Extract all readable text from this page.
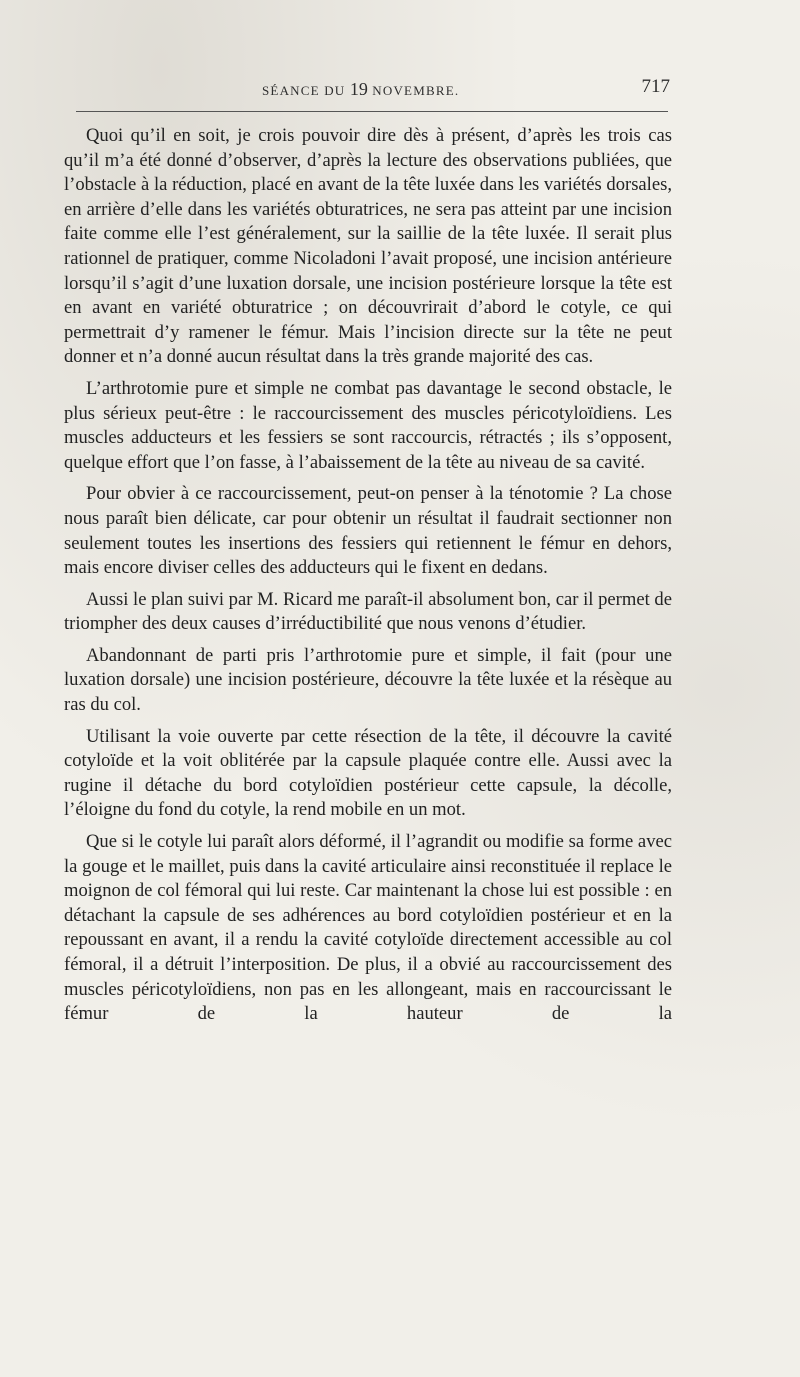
SÉANCE DU 19 NOVEMBRE.	717

Quoi qu’il en soit, je crois pouvoir dire dès à présent, d’après les trois cas qu’il m’a été donné d’observer, d’après la lecture des observations publiées, que l’obstacle à la réduction, placé en avant de la tête luxée dans les variétés dorsales, en arrière d’elle dans les variétés obturatrices, ne sera pas atteint par une incision faite comme elle l’est généralement, sur la saillie de la tête luxée. Il serait plus rationnel de pratiquer, comme Nicoladoni l’avait proposé, une incision antérieure lorsqu’il s’agit d’une luxation dorsale, une incision postérieure lorsque la tête est en avant en variété obturatrice ; on découvrirait d’abord le cotyle, ce qui permettrait d’y ramener le fémur. Mais l’incision directe sur la tête ne peut donner et n’a donné aucun résultat dans la très grande majorité des cas.

L’arthrotomie pure et simple ne combat pas davantage le second obstacle, le plus sérieux peut-être : le raccourcissement des muscles péricotyloïdiens. Les muscles adducteurs et les fessiers se sont raccourcis, rétractés ; ils s’opposent, quelque effort que l’on fasse, à l’abaissement de la tête au niveau de sa cavité.

Pour obvier à ce raccourcissement, peut-on penser à la ténotomie ? La chose nous paraît bien délicate, car pour obtenir un résultat il faudrait sectionner non seulement toutes les insertions des fessiers qui retiennent le fémur en dehors, mais encore diviser celles des adducteurs qui le fixent en dedans.

Aussi le plan suivi par M. Ricard me paraît-il absolument bon, car il permet de triompher des deux causes d’irréductibilité que nous venons d’étudier.

Abandonnant de parti pris l’arthrotomie pure et simple, il fait (pour une luxation dorsale) une incision postérieure, découvre la tête luxée et la résèque au ras du col.

Utilisant la voie ouverte par cette résection de la tête, il découvre la cavité cotyloïde et la voit oblitérée par la capsule plaquée contre elle. Aussi avec la rugine il détache du bord cotyloïdien postérieur cette capsule, la décolle, l’éloigne du fond du cotyle, la rend mobile en un mot.

Que si le cotyle lui paraît alors déformé, il l’agrandit ou modifie sa forme avec la gouge et le maillet, puis dans la cavité articulaire ainsi reconstituée il replace le moignon de col fémoral qui lui reste. Car maintenant la chose lui est possible : en détachant la capsule de ses adhérences au bord cotyloïdien postérieur et en la repoussant en avant, il a rendu la cavité cotyloïde directement accessible au col fémoral, il a détruit l’interposition. De plus, il a obvié au raccourcissement des muscles péricotyloïdiens, non pas en les allongeant, mais en raccourcissant le fémur de la hauteur de la
